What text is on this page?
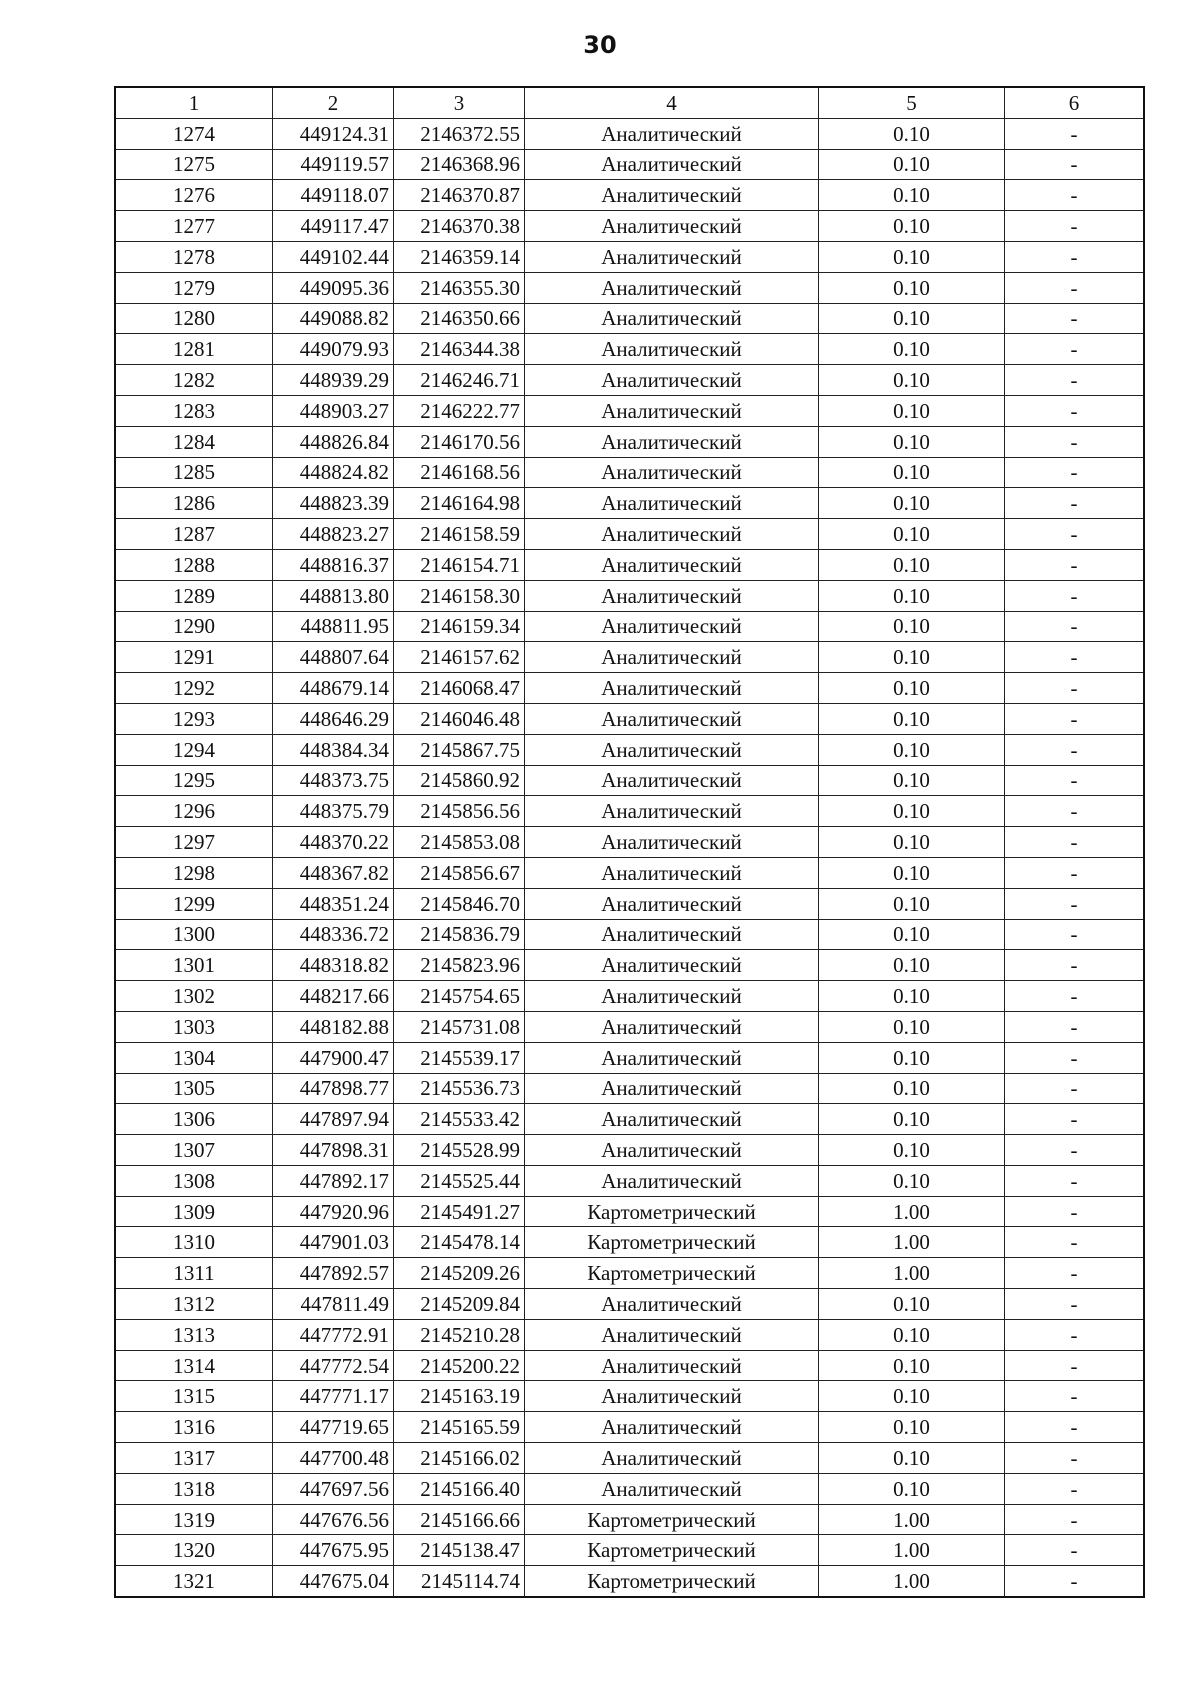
30
1	2	3	4	5	6
1274	449124.31	2146372.55	Аналитический	0.10	-
1275	449119.57	2146368.96	Аналитический	0.10	-
1276	449118.07	2146370.87	Аналитический	0.10	-
1277	449117.47	2146370.38	Аналитический	0.10	-
1278	449102.44	2146359.14	Аналитический	0.10	-
1279	449095.36	2146355.30	Аналитический	0.10	-
1280	449088.82	2146350.66	Аналитический	0.10	-
1281	449079.93	2146344.38	Аналитический	0.10	-
1282	448939.29	2146246.71	Аналитический	0.10	-
1283	448903.27	2146222.77	Аналитический	0.10	-
1284	448826.84	2146170.56	Аналитический	0.10	-
1285	448824.82	2146168.56	Аналитический	0.10	-
1286	448823.39	2146164.98	Аналитический	0.10	-
1287	448823.27	2146158.59	Аналитический	0.10	-
1288	448816.37	2146154.71	Аналитический	0.10	-
1289	448813.80	2146158.30	Аналитический	0.10	-
1290	448811.95	2146159.34	Аналитический	0.10	-
1291	448807.64	2146157.62	Аналитический	0.10	-
1292	448679.14	2146068.47	Аналитический	0.10	-
1293	448646.29	2146046.48	Аналитический	0.10	-
1294	448384.34	2145867.75	Аналитический	0.10	-
1295	448373.75	2145860.92	Аналитический	0.10	-
1296	448375.79	2145856.56	Аналитический	0.10	-
1297	448370.22	2145853.08	Аналитический	0.10	-
1298	448367.82	2145856.67	Аналитический	0.10	-
1299	448351.24	2145846.70	Аналитический	0.10	-
1300	448336.72	2145836.79	Аналитический	0.10	-
1301	448318.82	2145823.96	Аналитический	0.10	-
1302	448217.66	2145754.65	Аналитический	0.10	-
1303	448182.88	2145731.08	Аналитический	0.10	-
1304	447900.47	2145539.17	Аналитический	0.10	-
1305	447898.77	2145536.73	Аналитический	0.10	-
1306	447897.94	2145533.42	Аналитический	0.10	-
1307	447898.31	2145528.99	Аналитический	0.10	-
1308	447892.17	2145525.44	Аналитический	0.10	-
1309	447920.96	2145491.27	Картометрический	1.00	-
1310	447901.03	2145478.14	Картометрический	1.00	-
1311	447892.57	2145209.26	Картометрический	1.00	-
1312	447811.49	2145209.84	Аналитический	0.10	-
1313	447772.91	2145210.28	Аналитический	0.10	-
1314	447772.54	2145200.22	Аналитический	0.10	-
1315	447771.17	2145163.19	Аналитический	0.10	-
1316	447719.65	2145165.59	Аналитический	0.10	-
1317	447700.48	2145166.02	Аналитический	0.10	-
1318	447697.56	2145166.40	Аналитический	0.10	-
1319	447676.56	2145166.66	Картометрический	1.00	-
1320	447675.95	2145138.47	Картометрический	1.00	-
1321	447675.04	2145114.74	Картометрический	1.00	-
